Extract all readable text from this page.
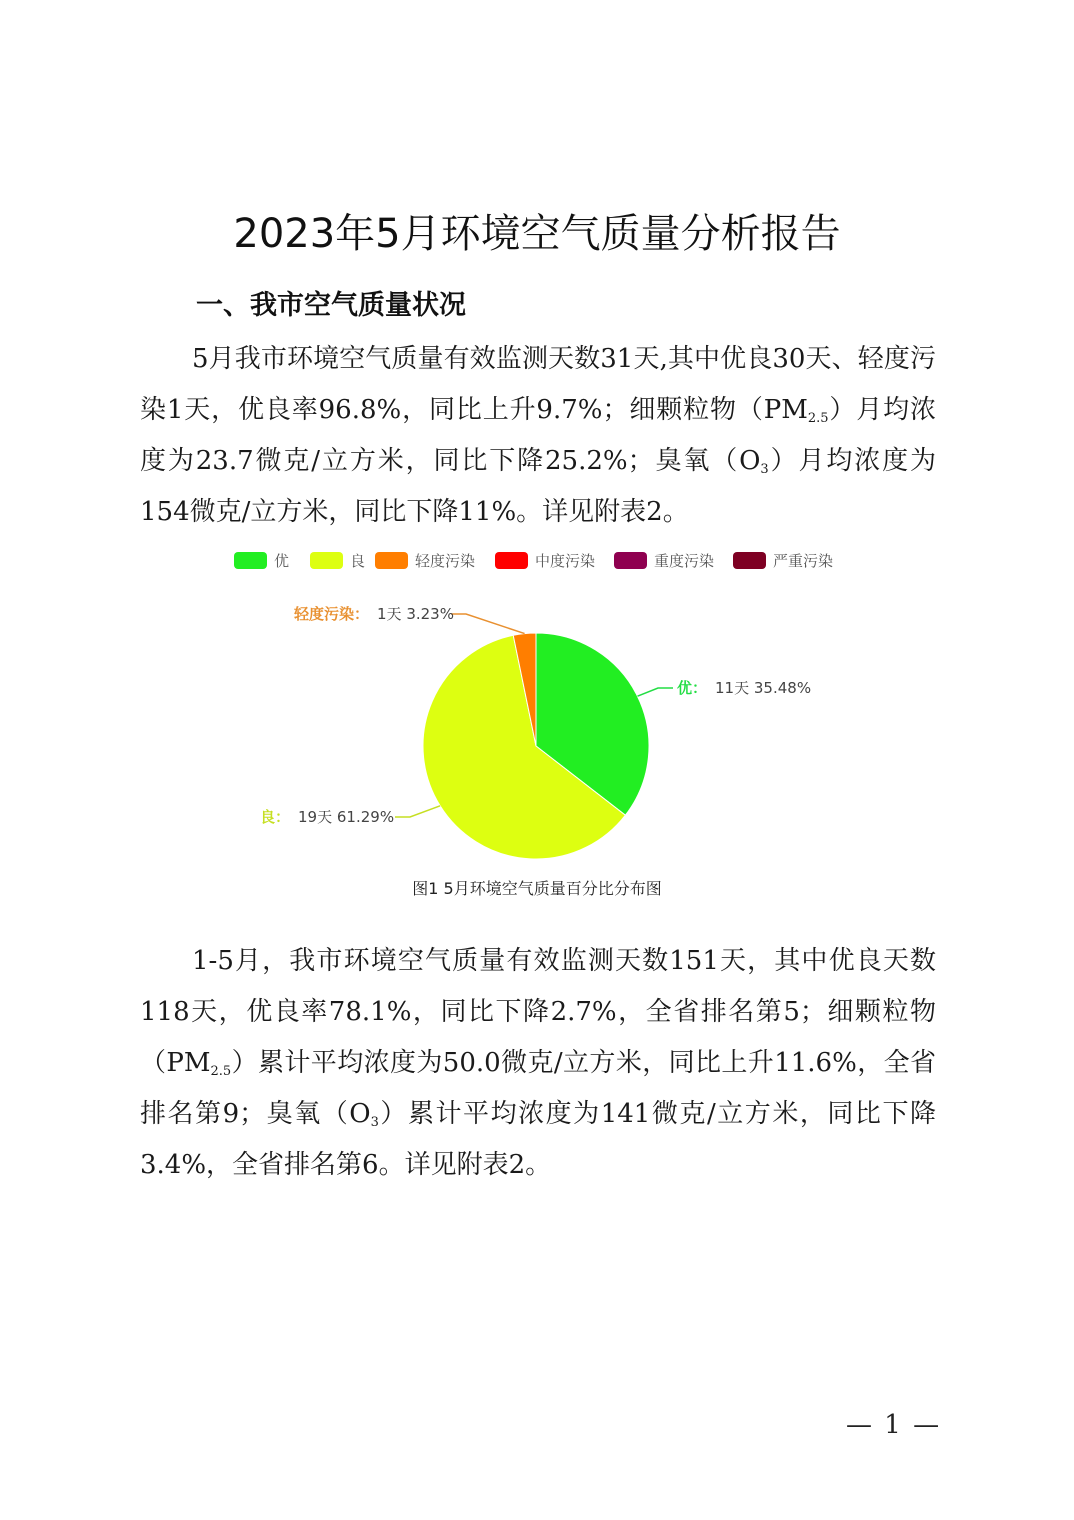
2023年5月环境空气质量分析报告
一、我市空气质量状况

5月我市环境空气质量有效监测天数31天,其中优良30天、轻度污染1天，优良率96.8%，同比上升9.7%；细颗粒物$(PM_{2.5})$月均浓度为23.7微克/立方米，同比下降25.2%；臭氧$(O_3)$月均浓度为154微克/立方米，同比下降11%。详见附表2。

优	良	轻度污染	中度污染	重度污染	严重污染
优： 11天 35.48%
良： 19天 61.29%
轻度污染： 1天 3.23%
图1 5月环境空气质量百分比分布图

1-5月，我市环境空气质量有效监测天数151天，其中优良天数118天，优良率78.1%，同比下降2.7%，全省排名第5；细颗粒物$(PM_{2.5})$累计平均浓度为50.0微克/立方米，同比上升11.6%，全省排名第9；臭氧$(O_3)$累计平均浓度为141微克/立方米，同比下降3.4%，全省排名第6。详见附表2。

— 1 —
